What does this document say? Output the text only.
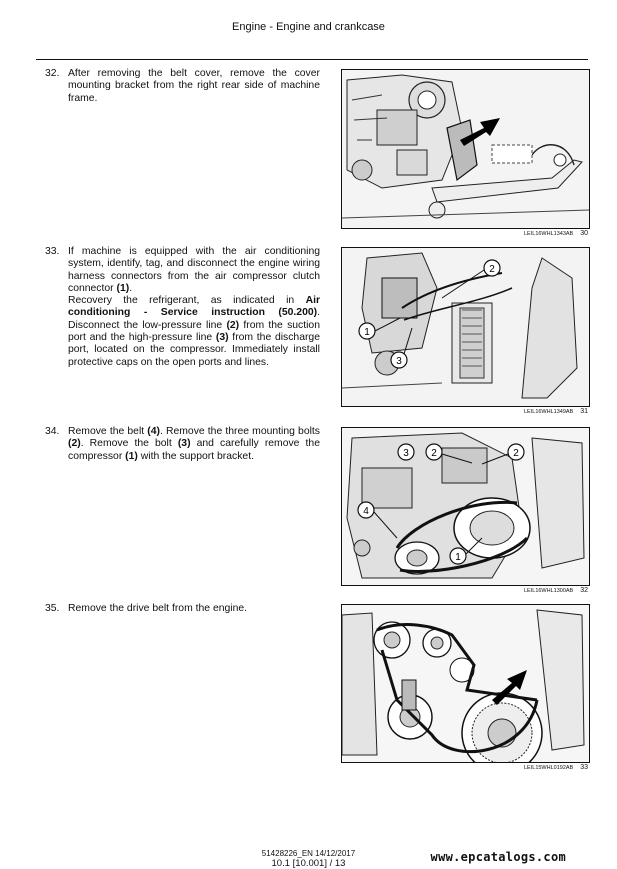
Engine - Engine and crankcase
32. After removing the belt cover, remove the cover mounting bracket from the right rear side of machine frame.
LEIL16WHL1343AB 30
33. If machine is equipped with the air conditioning system, identify, tag, and disconnect the engine wiring harness connectors from the air compressor clutch connector (1).
Recovery the refrigerant, as indicated in Air conditioning - Service instruction (50.200). Disconnect the low-pressure line (2) from the suction port and the high-pressure line (3) from the discharge port, located on the compressor. Immediately install protective caps on the open ports and lines.
1
2
3
LEIL16WHL1349AB 31
34. Remove the belt (4). Remove the three mounting bolts (2). Remove the bolt (3) and carefully remove the compressor (1) with the support bracket.	3 2	2
4
1
LEIL16WHL1300AB 32
35. Remove the drive belt from the engine.
LEIL15WHL0192AB 33
51428226_EN 14/12/2017
10.1 [10.001] / 13	www.epcatalogs.com
